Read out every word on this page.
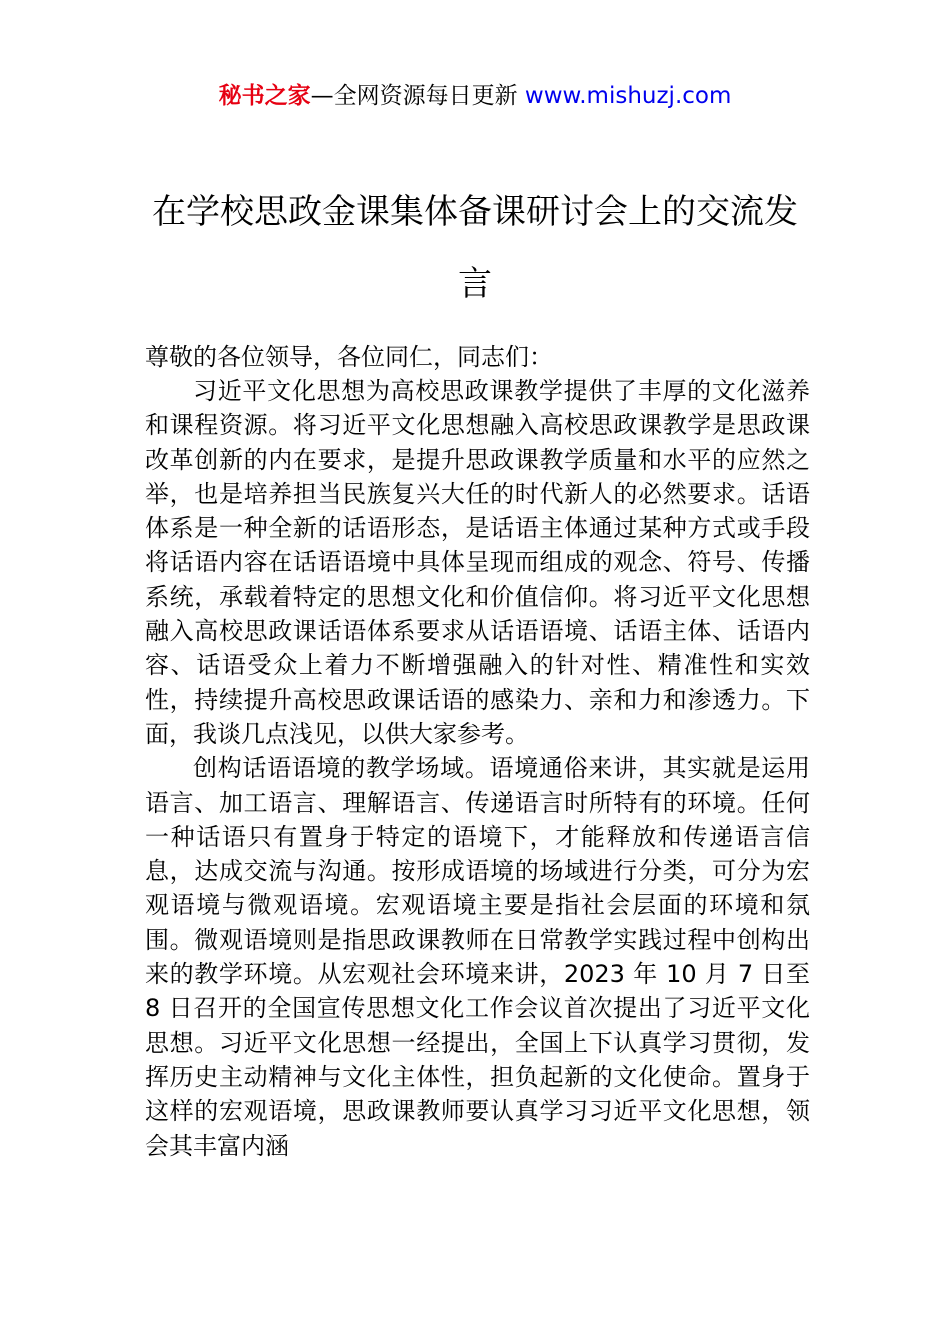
秘书之家—全网资源每日更新 www.mishuzj.com
在学校思政金课集体备课研讨会上的交流发言
尊敬的各位领导，各位同仁，同志们：

习近平文化思想为高校思政课教学提供了丰厚的文化滋养和课程资源。将习近平文化思想融入高校思政课教学是思政课改革创新的内在要求，是提升思政课教学质量和水平的应然之举，也是培养担当民族复兴大任的时代新人的必然要求。话语体系是一种全新的话语形态，是话语主体通过某种方式或手段将话语内容在话语语境中具体呈现而组成的观念、符号、传播系统，承载着特定的思想文化和价值信仰。将习近平文化思想融入高校思政课话语体系要求从话语语境、话语主体、话语内容、话语受众上着力不断增强融入的针对性、精准性和实效性，持续提升高校思政课话语的感染力、亲和力和渗透力。下面，我谈几点浅见，以供大家参考。

创构话语语境的教学场域。语境通俗来讲，其实就是运用语言、加工语言、理解语言、传递语言时所特有的环境。任何一种话语只有置身于特定的语境下，才能释放和传递语言信息，达成交流与沟通。按形成语境的场域进行分类，可分为宏观语境与微观语境。宏观语境主要是指社会层面的环境和氛围。微观语境则是指思政课教师在日常教学实践过程中创构出来的教学环境。从宏观社会环境来讲，2023 年 10 月 7 日至 8 日召开的全国宣传思想文化工作会议首次提出了习近平文化思想。习近平文化思想一经提出，全国上下认真学习贯彻，发挥历史主动精神与文化主体性，担负起新的文化使命。置身于这样的宏观语境，思政课教师要认真学习习近平文化思想，领会其丰富内涵
